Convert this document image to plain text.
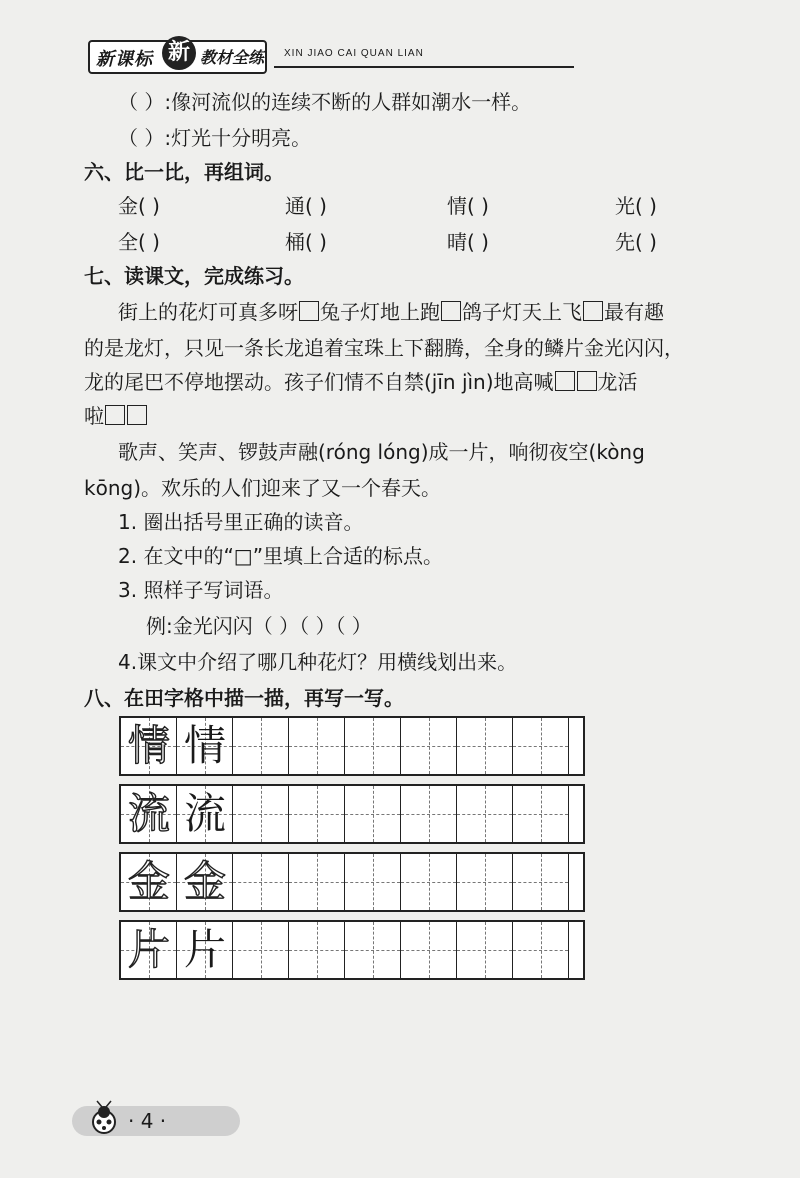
新课标 新 教材全练 XIN JIAO CAI QUAN LIAN
（ ）:像河流似的连续不断的人群如潮水一样。
（ ）:灯光十分明亮。
六、比一比，再组词。
金( )	通( )	情( )	光( )
全( )	桶( )	晴( )	先( )
七、读课文，完成练习。
街上的花灯可真多呀 兔子灯地上跑 鸽子灯天上飞 最有趣
的是龙灯，只见一条长龙追着宝珠上下翻腾，全身的鳞片金光闪闪，
龙的尾巴不停地摆动。孩子们情不自禁(jīn jìn)地高喊 龙活
啦
歌声、笑声、锣鼓声融(róng lóng)成一片，响彻夜空(kòng
kōng)。欢乐的人们迎来了又一个春天。
1. 圈出括号里正确的读音。
2. 在文中的“□”里填上合适的标点。
3. 照样子写词语。
例:金光闪闪（ ）（ ）（ ）
4.课文中介绍了哪几种花灯？用横线划出来。
八、在田字格中描一描，再写一写。
情 情
流 流
金 金
片 片
· 4 ·
